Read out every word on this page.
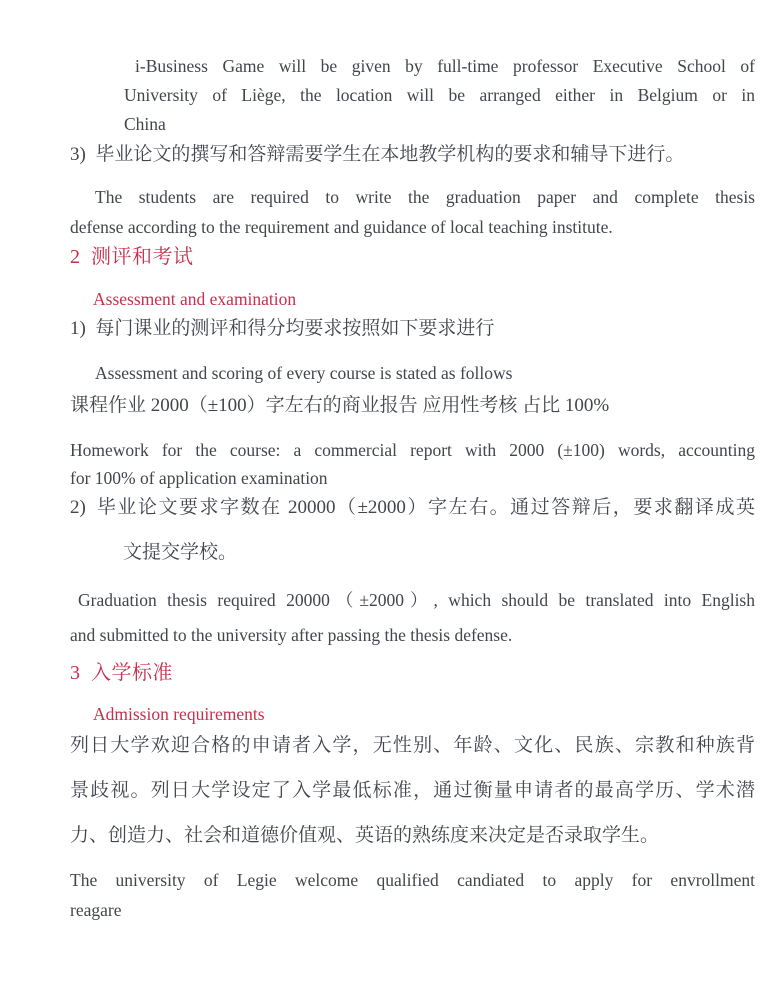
i-Business Game will be given by full-time professor Executive School of
University of Liège, the location will be arranged either in Belgium or in
China
3) 毕业论文的撰写和答辩需要学生在本地教学机构的要求和辅导下进行。
The students are required to write the graduation paper and complete thesis
defense according to the requirement and guidance of local teaching institute.
2 测评和考试
Assessment and examination
1) 每门课业的测评和得分均要求按照如下要求进行
Assessment and scoring of every course is stated as follows
课程作业 2000（±100）字左右的商业报告 应用性考核 占比 100%
Homework for the course: a commercial report with 2000 (±100) words, accounting
for 100% of application examination
2) 毕业论文要求字数在 20000（±2000）字左右。通过答辩后，要求翻译成英
文提交学校。
Graduation thesis required 20000（±2000）, which should be translated into English
and submitted to the university after passing the thesis defense.
3 入学标准
Admission requirements
列日大学欢迎合格的申请者入学，无性别、年龄、文化、民族、宗教和种族背
景歧视。列日大学设定了入学最低标准，通过衡量申请者的最高学历、学术潜
力、创造力、社会和道德价值观、英语的熟练度来决定是否录取学生。
The university of Legie welcome qualified candiated to apply for envrollment
reagare
